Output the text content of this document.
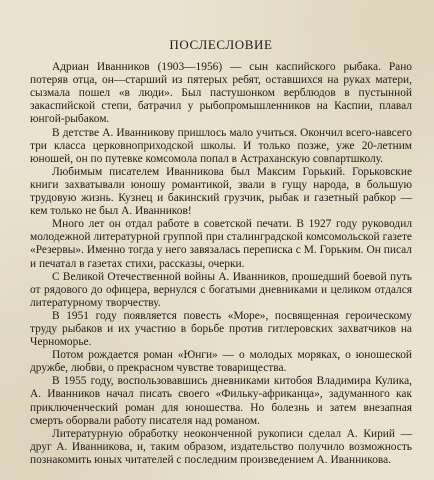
ПОСЛЕСЛОВИЕ

Адриан Иванников (1903—1956) — сын каспийского рыбака. Рано потеряв отца, он—старший из пятерых ребят, оставшихся на руках матери, сызмала пошел «в люди». Был пастушонком верблюдов в пустынной закаспийской степи, батрачил у рыбопромышленников на Каспии, плавал юнгой-рыбаком.

В детстве А. Иванникову пришлось мало учиться. Окончил всего-навсего три класса церковноприходской школы. И только позже, уже 20-летним юношей, он по путевке комсомола попал в Астраханскую совпартшколу.

Любимым писателем Иванникова был Максим Горький. Горьковские книги захватывали юношу романтикой, звали в гущу народа, в большую трудовую жизнь. Кузнец и бакинский грузчик, рыбак и газетный рабкор — кем только не был А. Иванников!

Много лет он отдал работе в советской печати. В 1927 году руководил молодежной литературной группой при сталинградской комсомольской газете «Резервы». Именно тогда у него завязалась переписка с М. Горьким. Он писал и печатал в газетах стихи, рассказы, очерки.

С Великой Отечественной войны А. Иванников, прошедший боевой путь от рядового до офицера, вернулся с богатыми дневниками и целиком отдался литературному творчеству.

В 1951 году появляется повесть «Море», посвященная героическому труду рыбаков и их участию в борьбе против гитлеровских захватчиков на Черноморье.

Потом рождается роман «Юнги» — о молодых моряках, о юношеской дружбе, любви, о прекрасном чувстве товарищества.

В 1955 году, воспользовавшись дневниками китобоя Владимира Кулика, А. Иванников начал писать своего «Фильку-африканца», задуманного как приключенческий роман для юношества. Но болезнь и затем внезапная смерть оборвали работу писателя над романом.

Литературную обработку неоконченной рукописи сделал А. Кирий — друг А. Иванникова, и, таким образом, издательство получило возможность познакомить юных читателей с последним произведением А. Иванникова.
